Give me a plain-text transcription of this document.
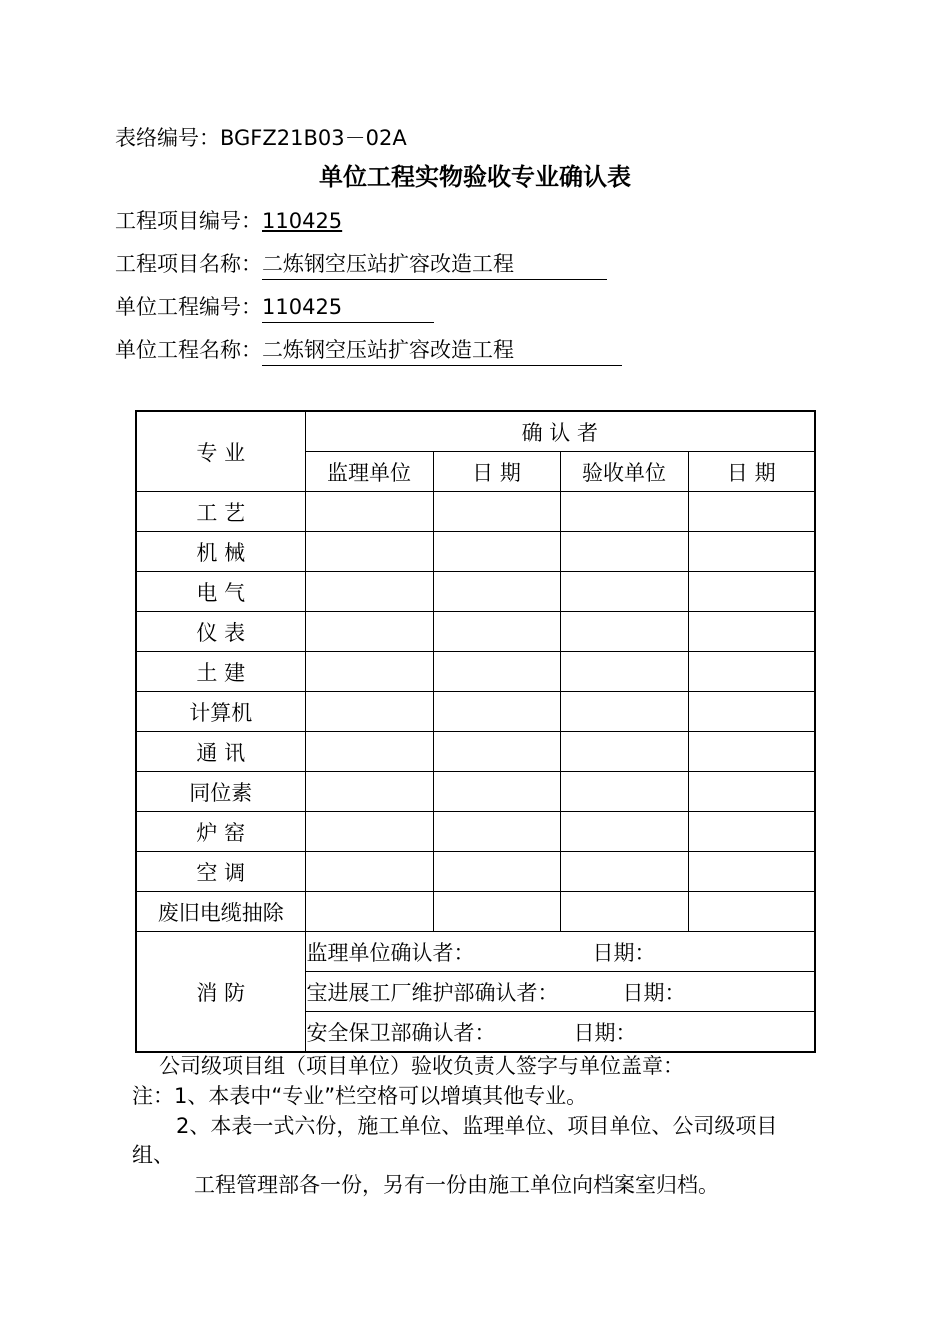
表络编号：BGFZ21B03－02A
单位工程实物验收专业确认表
工程项目编号：110425
工程项目名称：二炼钢空压站扩容改造工程
单位工程编号：110425
单位工程名称：二炼钢空压站扩容改造工程
专 业	确 认 者			
	监理单位	日 期	验收单位	日 期
工 艺				
机 械				
电 气				
仪 表				
土 建				
计算机				
通 讯				
同位素				
炉 窑				
空 调				
废旧电缆抽除				
消 防	监理单位确认者： 日期：			
	宝进展工厂维护部确认者： 日期：			
	安全保卫部确认者： 日期：			
公司级项目组（项目单位）验收负责人签字与单位盖章：
注：1、本表中“专业”栏空格可以增填其他专业。
2、本表一式六份，施工单位、监理单位、项目单位、公司级项目
组、
工程管理部各一份，另有一份由施工单位向档案室归档。
